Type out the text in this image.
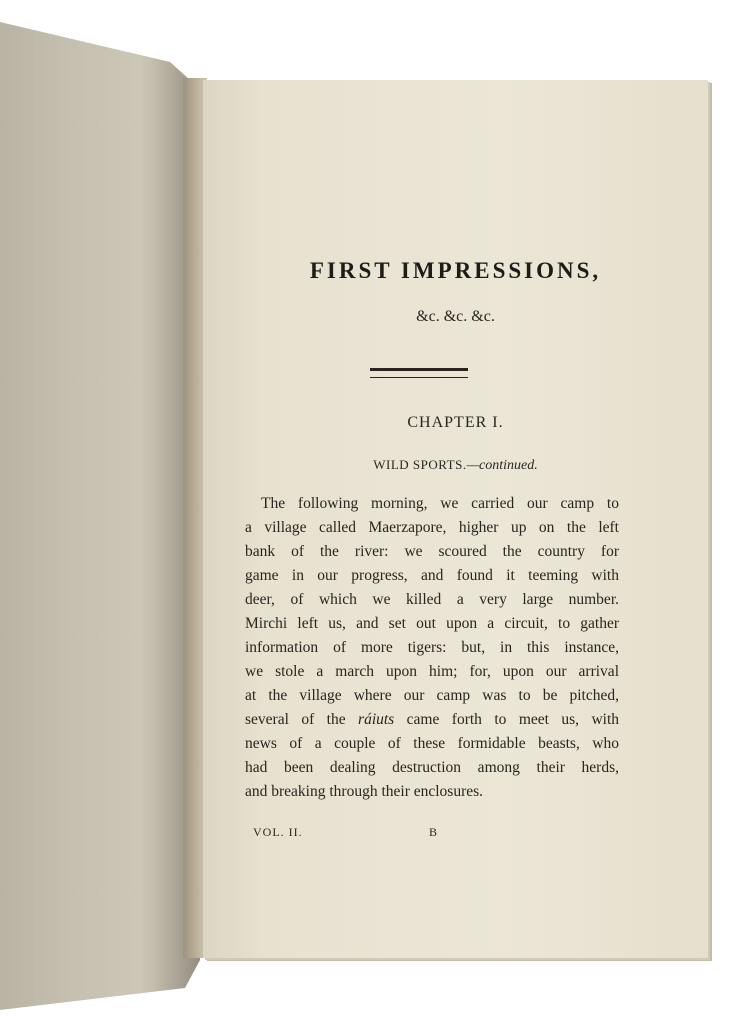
FIRST IMPRESSIONS,
&c. &c. &c.
CHAPTER I.
WILD SPORTS.—continued.
The following morning, we carried our camp to
a village called Maerzapore, higher up on the left
bank of the river: we scoured the country for
game in our progress, and found it teeming with
deer, of which we killed a very large number.
Mirchi left us, and set out upon a circuit, to gather
information of more tigers: but, in this instance,
we stole a march upon him; for, upon our arrival
at the village where our camp was to be pitched,
several of the ráiuts came forth to meet us, with
news of a couple of these formidable beasts, who
had been dealing destruction among their herds,
and breaking through their enclosures.
VOL. II.	B
